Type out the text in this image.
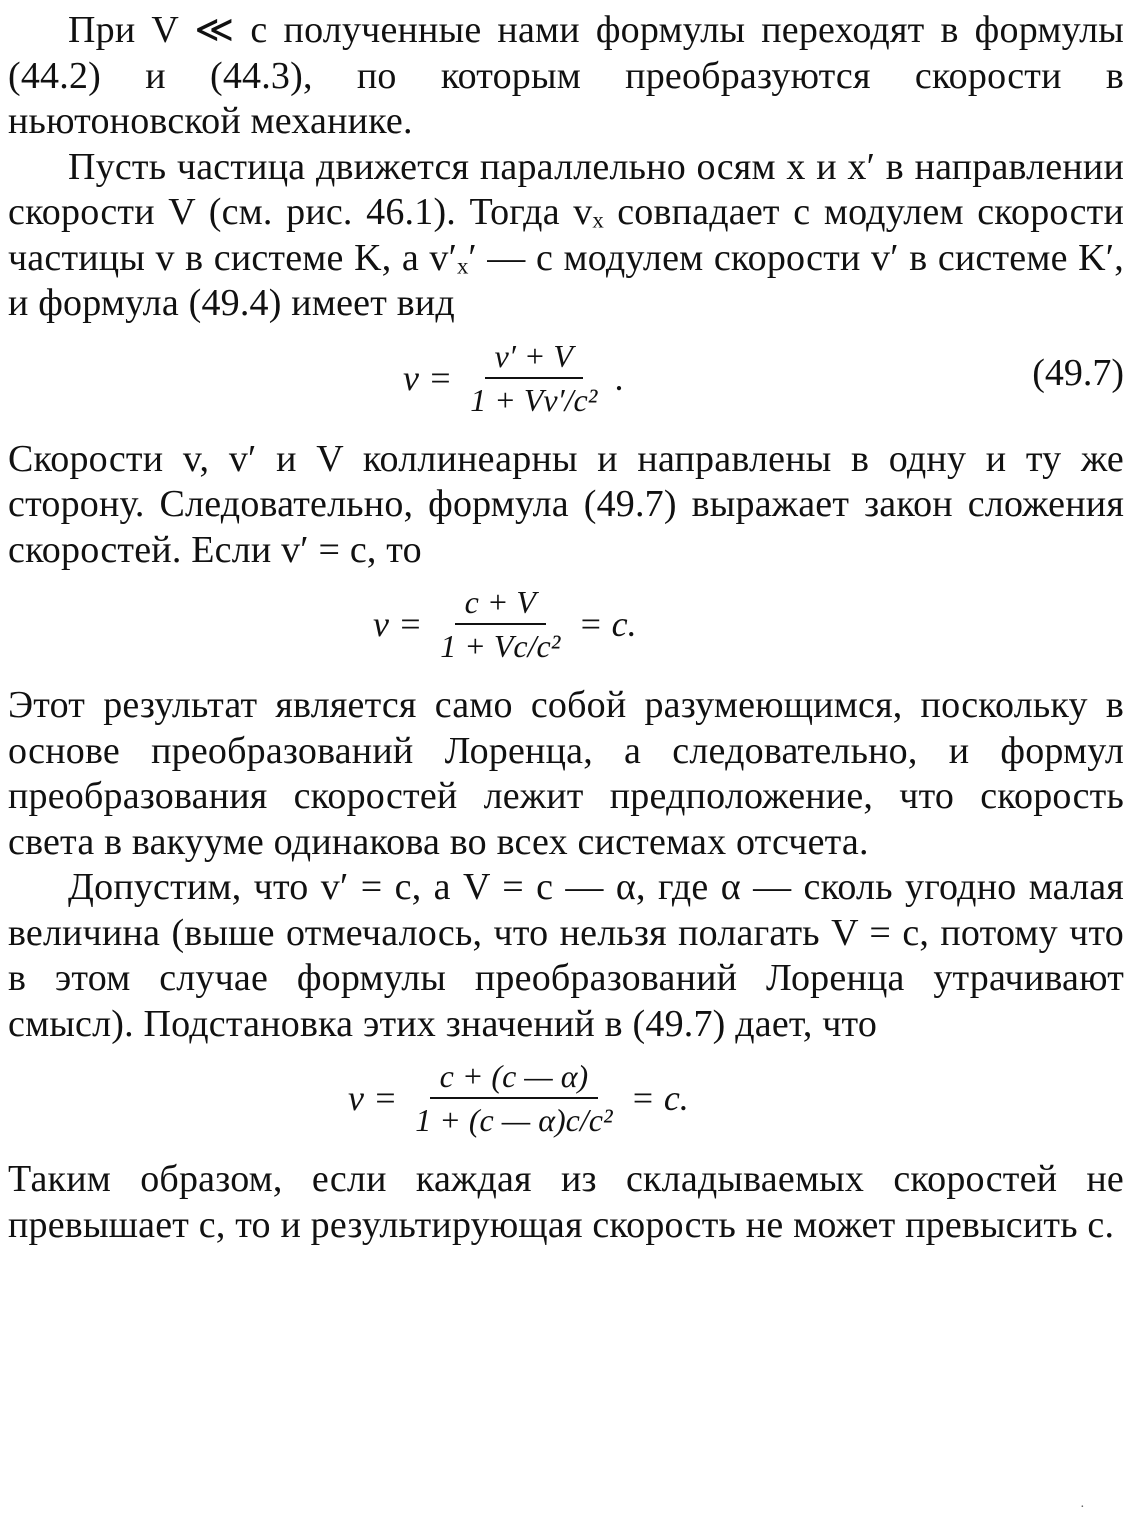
При V ≪ c полученные нами формулы переходят в формулы (44.2) и (44.3), по которым преобразуются скорости в ньютоновской механике.

Пусть частица движется параллельно осям x и x′ в направлении скорости V (см. рис. 46.1). Тогда vₓ совпадает с модулем скорости частицы v в системе K, а v′ₓ′ — с модулем скорости v′ в системе K′, и формула (49.4) имеет вид

$v = \frac{v' + V}{\text{1 + Vv′/c²}}$ .	(49.7)

Скорости v, v′ и V коллинеарны и направлены в одну и ту же сторону. Следовательно, формула (49.7) выражает закон сложения скоростей. Если v′ = c, то

$v = \frac{c + V}{\text{1 + Vc/c²}} = c$.

Этот результат является само собой разумеющимся, поскольку в основе преобразований Лоренца, а следовательно, и формул преобразования скоростей лежит предположение, что скорость света в вакууме одинакова во всех системах отсчета.

Допустим, что v′ = c, а V = c — α, где α — сколь угодно малая величина (выше отмечалось, что нельзя полагать V = c, потому что в этом случае формулы преобразований Лоренца утрачивают смысл). Подстановка этих значений в (49.7) дает, что

$v = \frac{c + (c — \alpha)}{\text{1 + (c — α)c/c²}} = c$.

Таким образом, если каждая из складываемых скоростей не превышает c, то и результирующая скорость не может превысить c.

·
